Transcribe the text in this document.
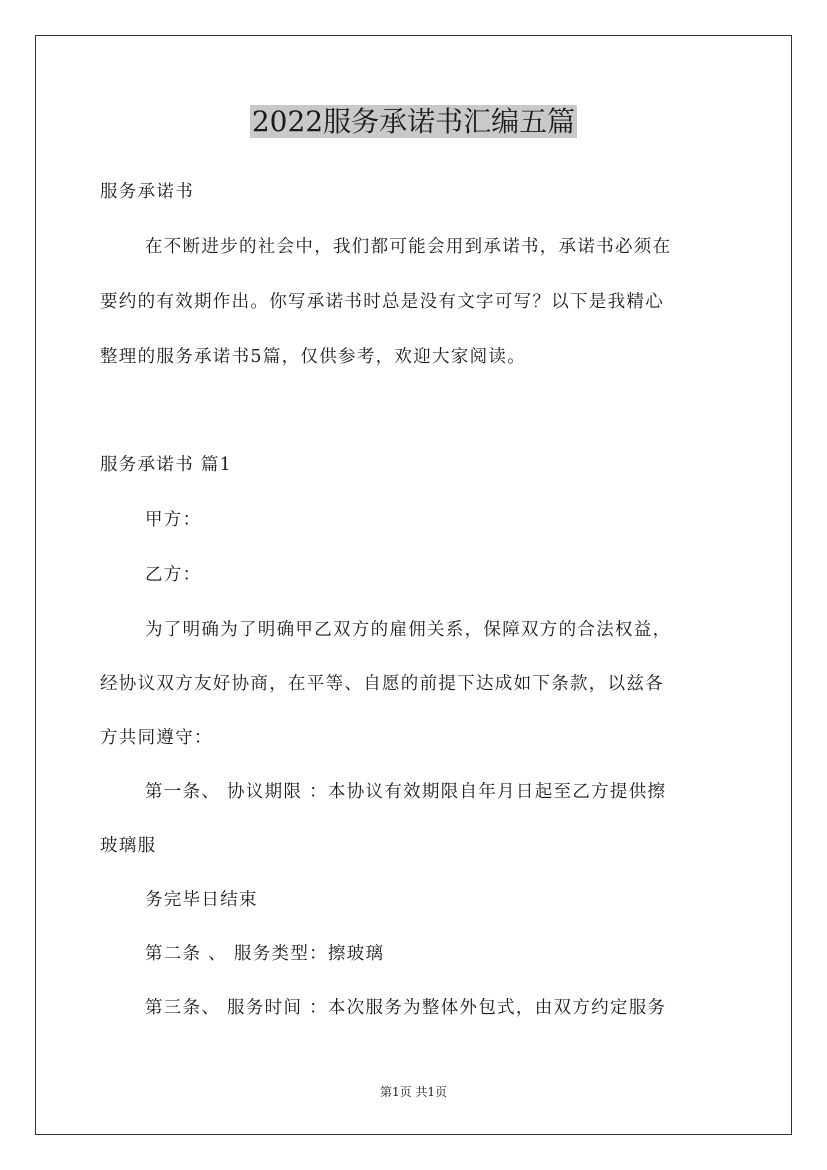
2022服务承诺书汇编五篇

服务承诺书

在不断进步的社会中，我们都可能会用到承诺书，承诺书必须在

要约的有效期作出。你写承诺书时总是没有文字可写？以下是我精心

整理的服务承诺书5篇，仅供参考，欢迎大家阅读。

服务承诺书 篇1

甲方：

乙方：

为了明确为了明确甲乙双方的雇佣关系，保障双方的合法权益，

经协议双方友好协商，在平等、自愿的前提下达成如下条款，以兹各

方共同遵守：

第一条、 协议期限 ：本协议有效期限自年月日起至乙方提供擦

玻璃服

务完毕日结束

第二条 、 服务类型：擦玻璃

第三条、 服务时间 ：本次服务为整体外包式，由双方约定服务

第1页 共1页
